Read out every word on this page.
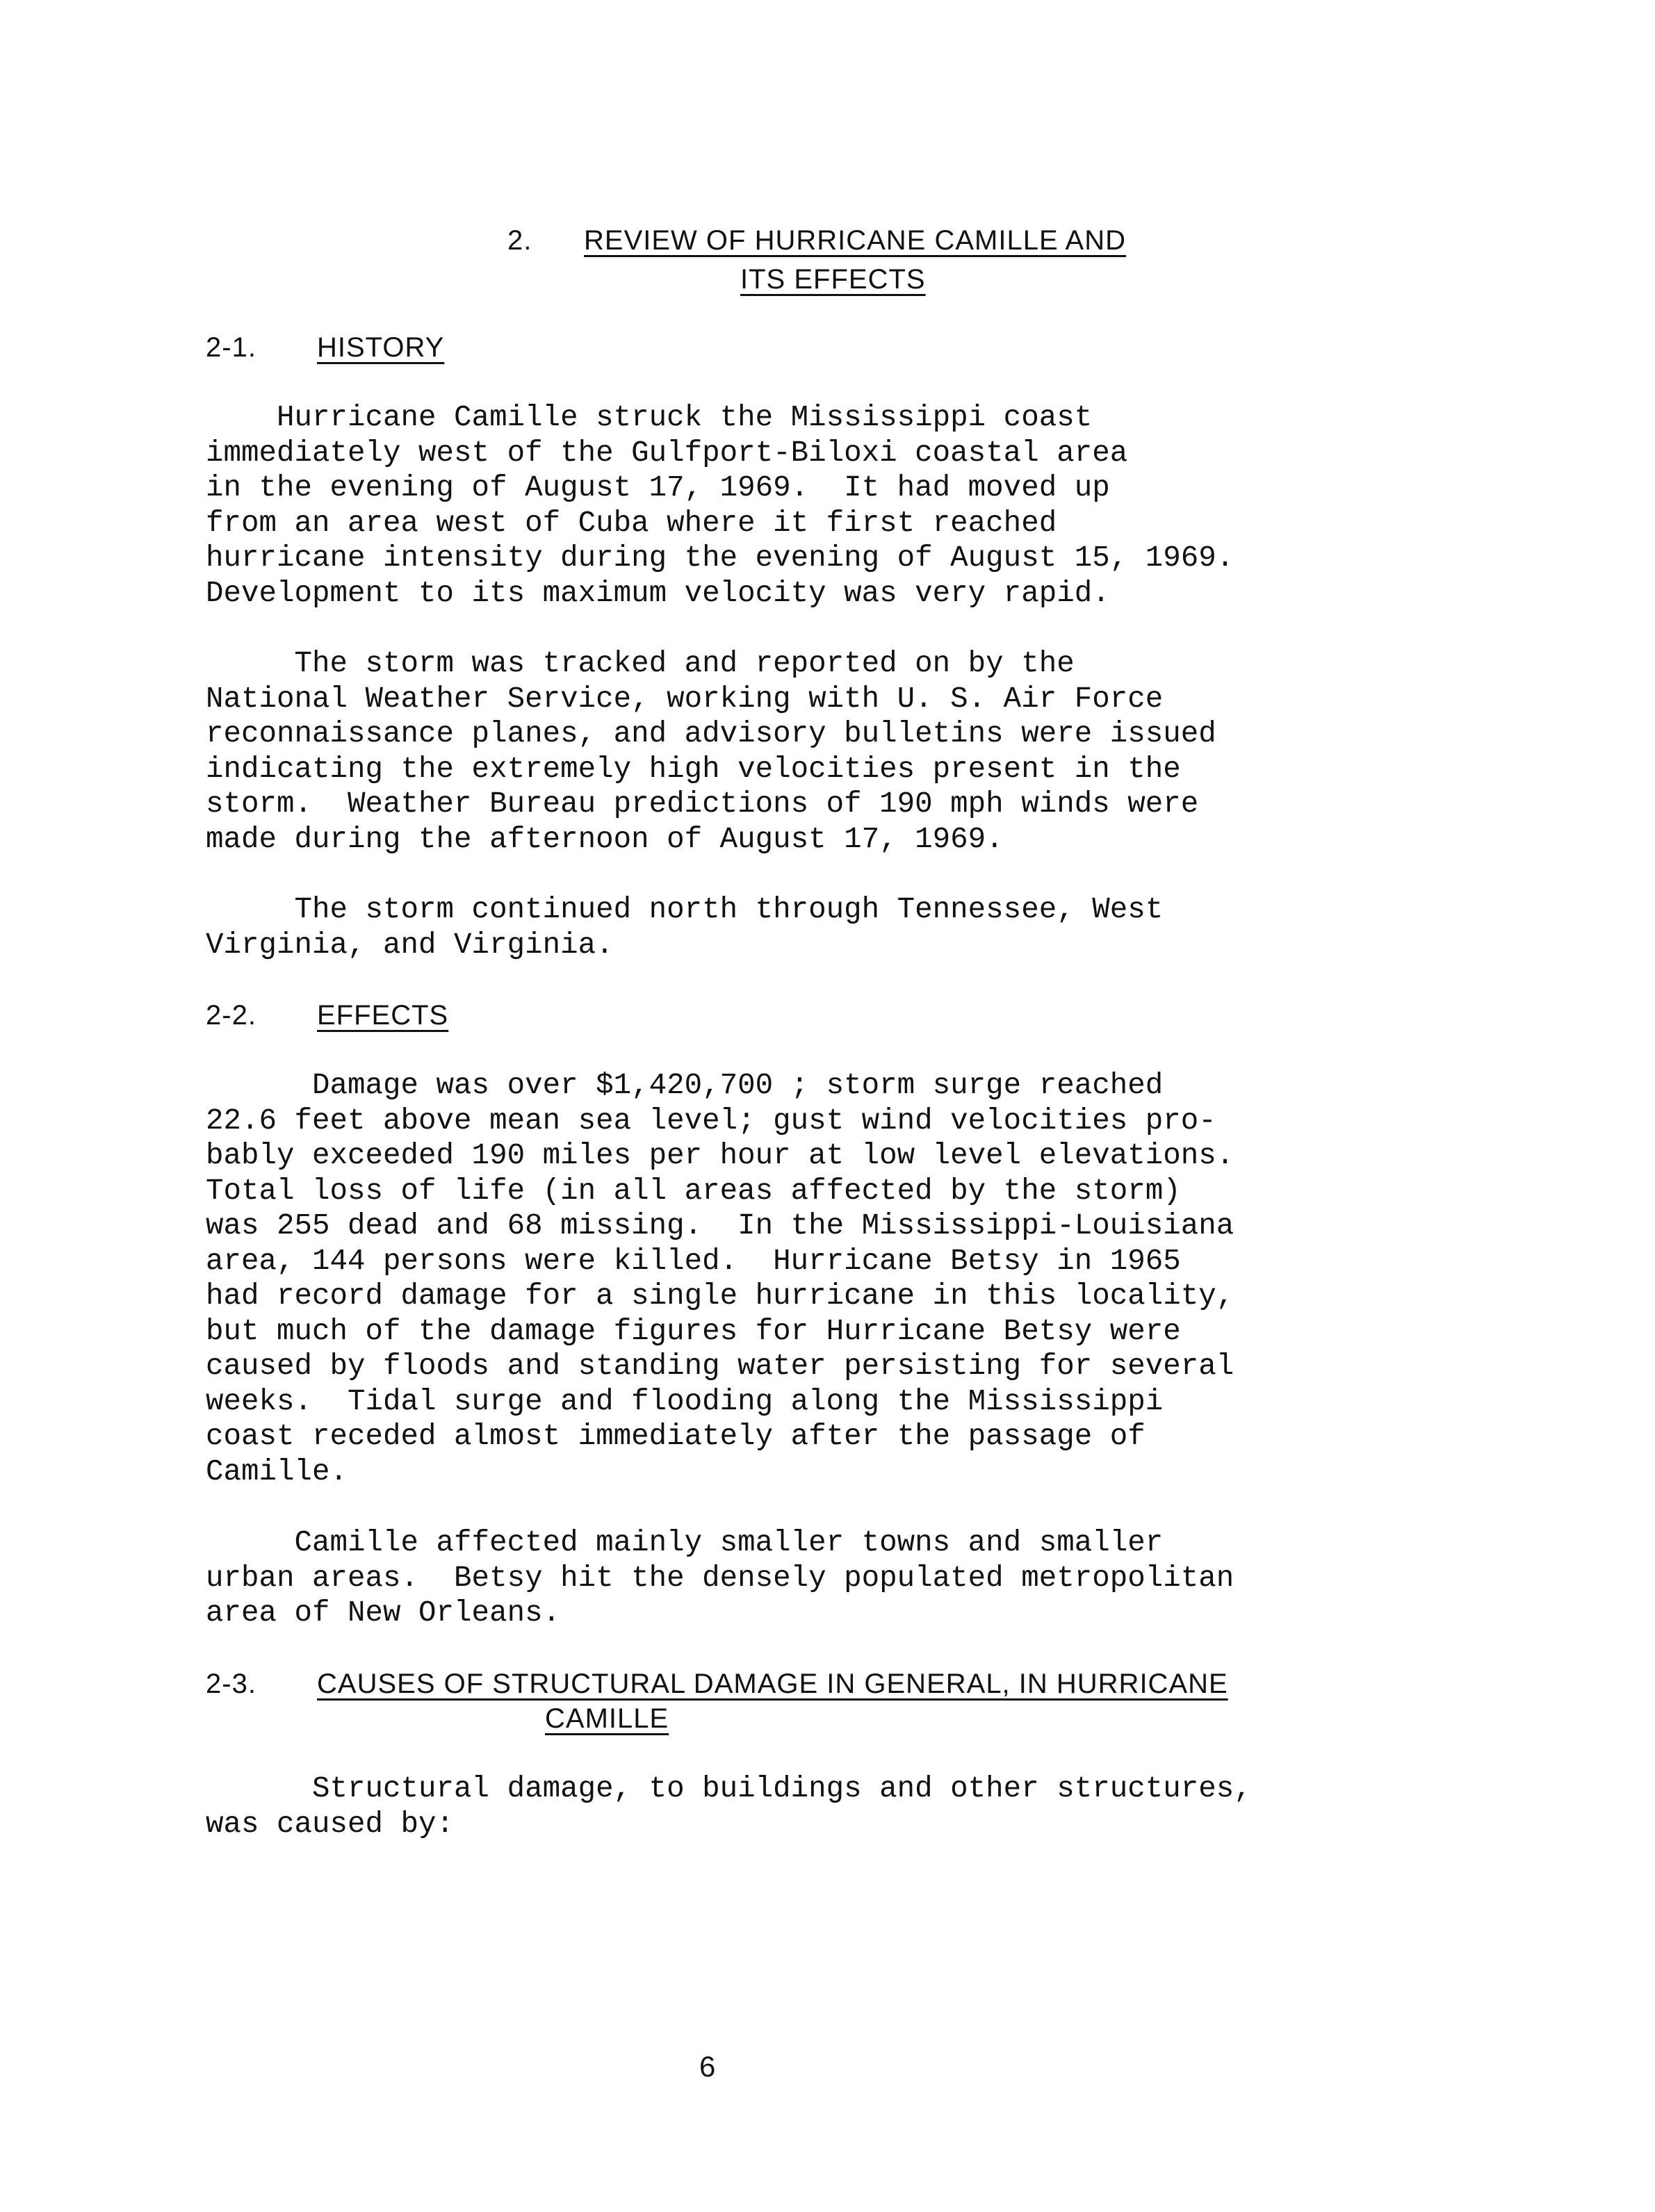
2. REVIEW OF HURRICANE CAMILLE AND
ITS EFFECTS
2-1. HISTORY

Hurricane Camille struck the Mississippi coast
immediately west of the Gulfport-Biloxi coastal area
in the evening of August 17, 1969.  It had moved up
from an area west of Cuba where it first reached
hurricane intensity during the evening of August 15, 1969.
Development to its maximum velocity was very rapid.

The storm was tracked and reported on by the
National Weather Service, working with U. S. Air Force
reconnaissance planes, and advisory bulletins were issued
indicating the extremely high velocities present in the
storm.  Weather Bureau predictions of 190 mph winds were
made during the afternoon of August 17, 1969.

The storm continued north through Tennessee, West
Virginia, and Virginia.

2-2. EFFECTS

Damage was over $1,420,700 ; storm surge reached
22.6 feet above mean sea level; gust wind velocities pro-
bably exceeded 190 miles per hour at low level elevations.
Total loss of life (in all areas affected by the storm)
was 255 dead and 68 missing.  In the Mississippi-Louisiana
area, 144 persons were killed.  Hurricane Betsy in 1965
had record damage for a single hurricane in this locality,
but much of the damage figures for Hurricane Betsy were
caused by floods and standing water persisting for several
weeks.  Tidal surge and flooding along the Mississippi
coast receded almost immediately after the passage of
Camille.

Camille affected mainly smaller towns and smaller
urban areas.  Betsy hit the densely populated metropolitan
area of New Orleans.

2-3. CAUSES OF STRUCTURAL DAMAGE IN GENERAL, IN HURRICANE
CAMILLE

Structural damage, to buildings and other structures,
was caused by:

6
